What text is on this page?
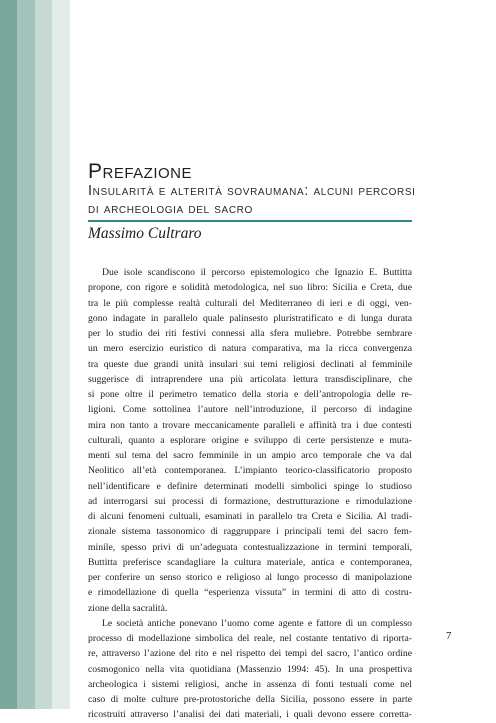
Prefazione
Insularità e alterità sovraumana: alcuni percorsi di archeologia del sacro
Massimo Cultraro
Due isole scandiscono il percorso epistemologico che Ignazio E. Buttitta
propone, con rigore e solidità metodologica, nel suo libro: Sicilia e Creta, due
tra le più complesse realtà culturali del Mediterraneo di ieri e di oggi, ven-
gono indagate in parallelo quale palinsesto pluristratificato e di lunga durata
per lo studio dei riti festivi connessi alla sfera muliebre. Potrebbe sembrare
un mero esercizio euristico di natura comparativa, ma la ricca convergenza
tra queste due grandi unità insulari sui temi religiosi declinati al femminile
suggerisce di intraprendere una più articolata lettura transdisciplinare, che
si pone oltre il perimetro tematico della storia e dell’antropologia delle re-
ligioni. Come sottolinea l’autore nell’introduzione, il percorso di indagine
mira non tanto a trovare meccanicamente paralleli e affinità tra i due contesti
culturali, quanto a esplorare origine e sviluppo di certe persistenze e muta-
menti sul tema del sacro femminile in un ampio arco temporale che va dal
Neolitico all’età contemporanea. L’impianto teorico-classificatorio proposto
nell’identificare e definire determinati modelli simbolici spinge lo studioso
ad interrogarsi sui processi di formazione, destrutturazione e rimodulazione
di alcuni fenomeni cultuali, esaminati in parallelo tra Creta e Sicilia. Al tradi-
zionale sistema tassonomico di raggruppare i principali temi del sacro fem-
minile, spesso privi di un’adeguata contestualizzazione in termini temporali,
Buttitta preferisce scandagliare la cultura materiale, antica e contemporanea,
per conferire un senso storico e religioso al lungo processo di manipolazione
e rimodellazione di quella “esperienza vissuta” in termini di atto di costru-
zione della sacralità.
Le società antiche ponevano l’uomo come agente e fattore di un complesso
processo di modellazione simbolica del reale, nel costante tentativo di riporta-
re, attraverso l’azione del rito e nel rispetto dei tempi del sacro, l’antico ordine
cosmogonico nella vita quotidiana (Massenzio 1994: 45). In una prospettiva
archeologica i sistemi religiosi, anche in assenza di fonti testuali come nel
caso di molte culture pre-protostoriche della Sicilia, possono essere in parte
ricostruiti attraverso l’analisi dei dati materiali, i quali devono essere corretta-
7
